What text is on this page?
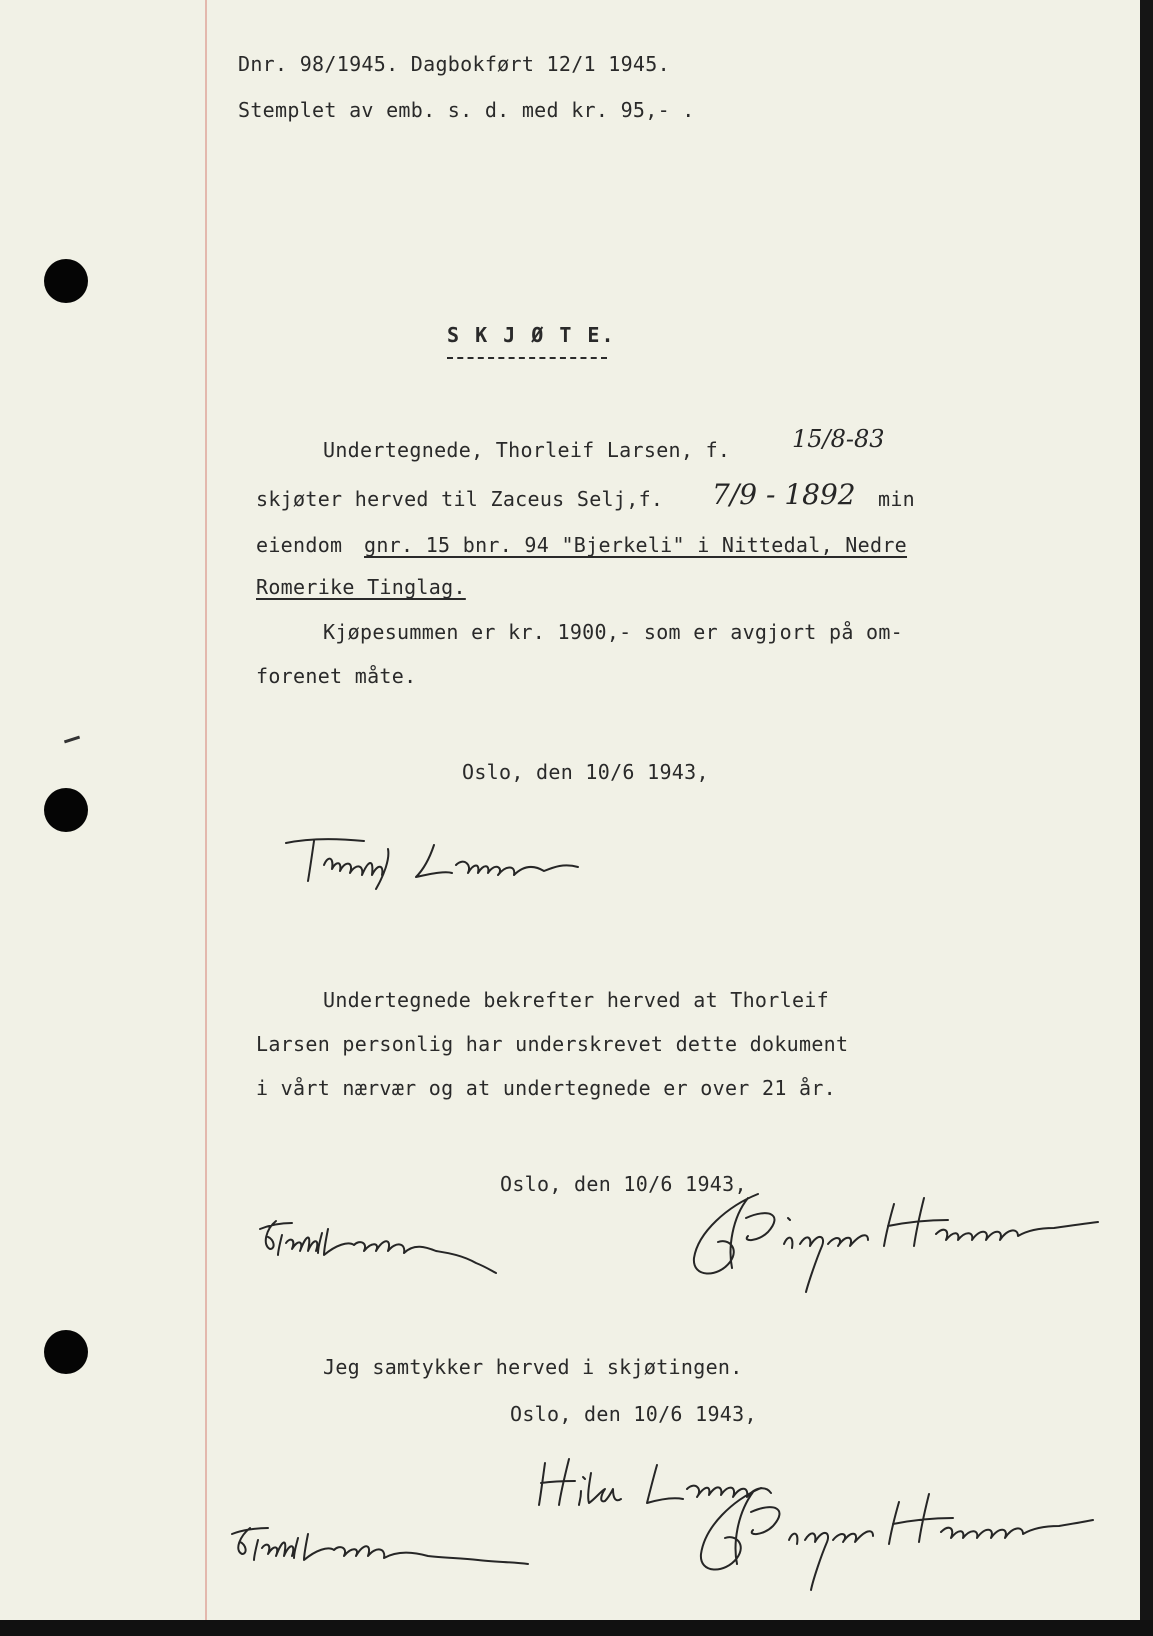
Dnr. 98/1945. Dagbokført 12/1 1945.

Stemplet av emb. s. d. med kr. 95,- .

S K J Ø T E.

Undertegnede, Thorleif Larsen, f.	15/8-83

skjøter herved til Zaceus Selj,f. 7/9 - 1892 min

eiendom gnr. 15 bnr. 94 "Bjerkeli" i Nittedal, Nedre

Romerike Tinglag.

Kjøpesummen er kr. 1900,- som er avgjort på om-

forenet måte.

Oslo, den 10/6 1943,

Undertegnede bekrefter herved at Thorleif

Larsen personlig har underskrevet dette dokument

i vårt nærvær og at undertegnede er over 21 år.

Oslo, den 10/6 1943,

Jeg samtykker herved i skjøtingen.

Oslo, den 10/6 1943,
